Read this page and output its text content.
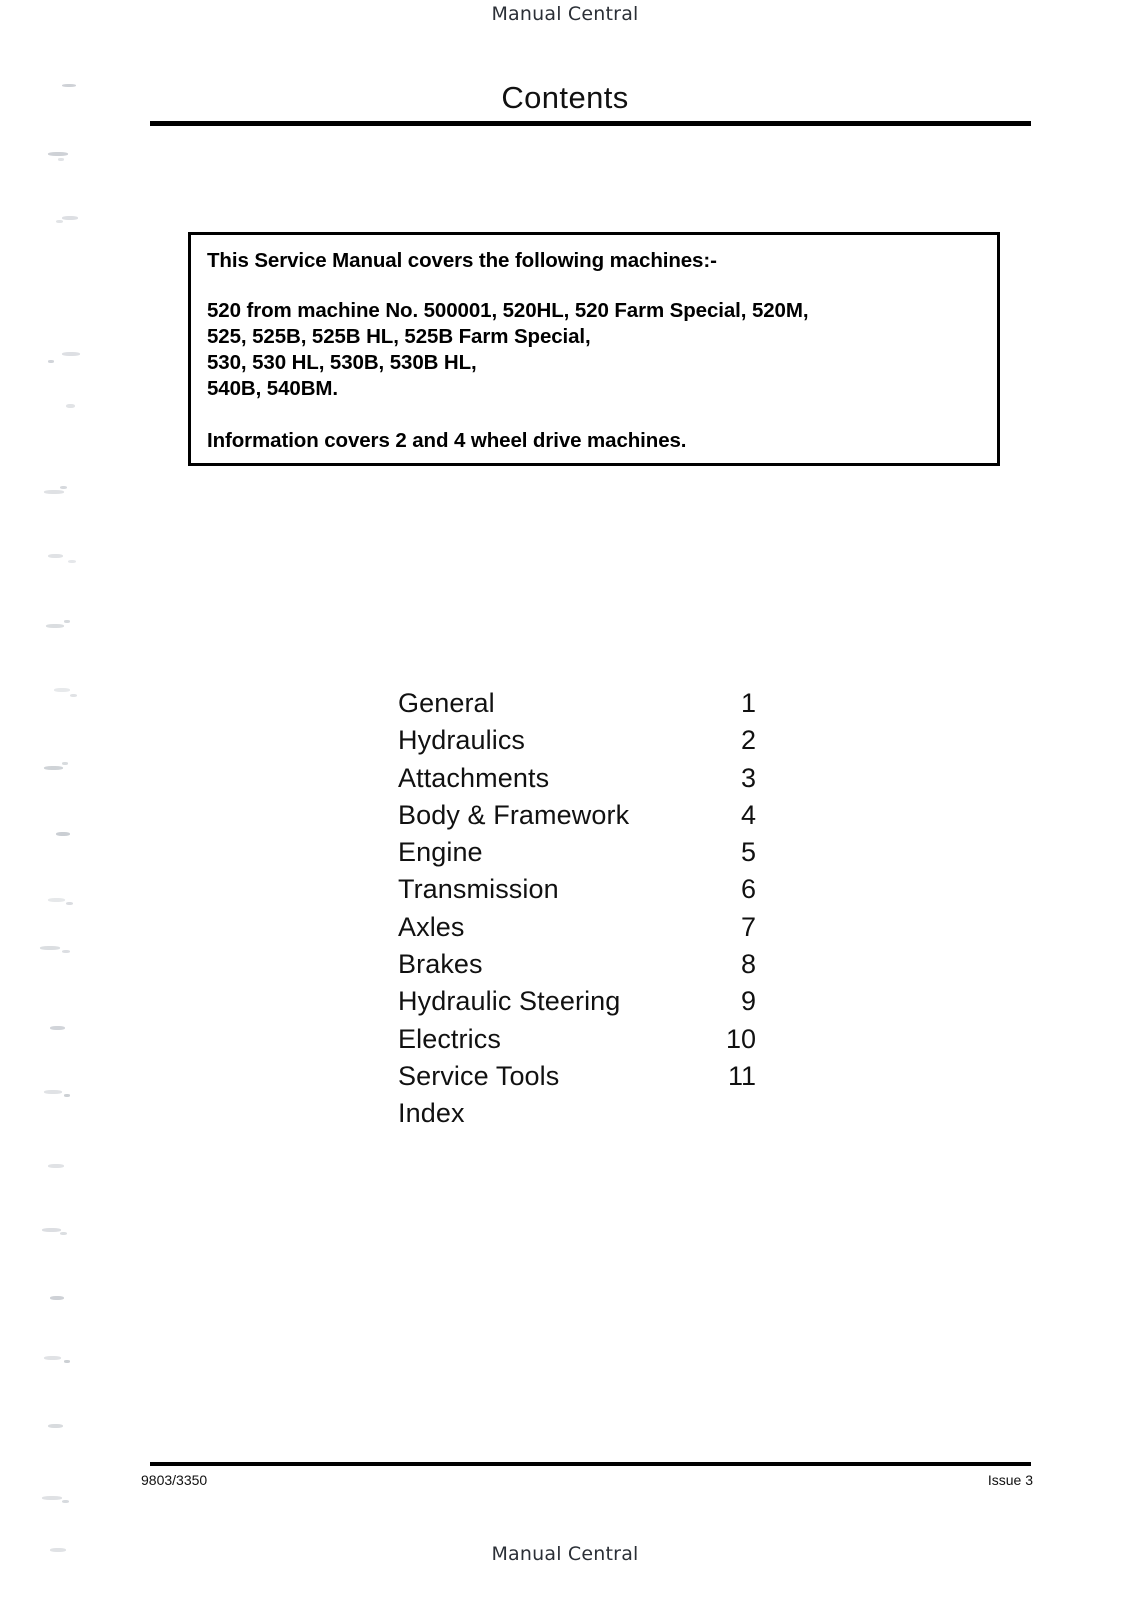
Manual Central
Contents
This Service Manual covers the following machines:-
520 from machine No. 500001, 520HL, 520 Farm Special, 520M,
525, 525B, 525B HL, 525B Farm Special,
530, 530 HL, 530B, 530B HL,
540B, 540BM.
Information covers 2 and 4 wheel drive machines.
General	1
Hydraulics	2
Attachments	3
Body & Framework	4
Engine	5
Transmission	6
Axles	7
Brakes	8
Hydraulic Steering	9
Electrics	10
Service Tools	11
Index
9803/3350	Issue 3
Manual Central
